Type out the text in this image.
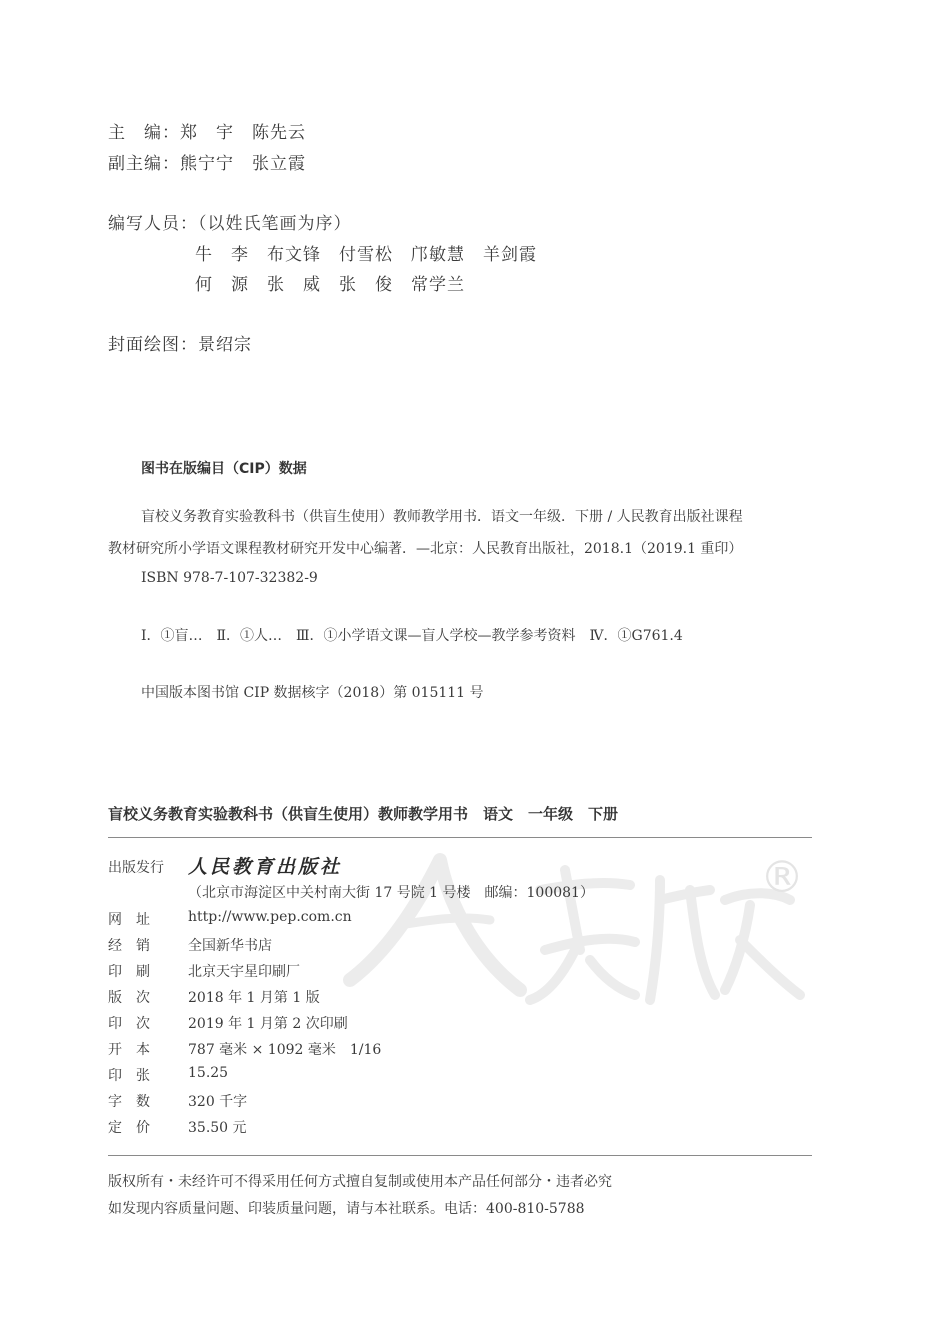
主　编：郑　宇　陈先云
副主编：熊宁宁　张立霞
编写人员：（以姓氏笔画为序）
牛　李　布文锋　付雪松　邝敏慧　羊剑霞
何　源　张　威　张　俊　常学兰
封面绘图：景绍宗
图书在版编目（CIP）数据
盲校义务教育实验教科书（供盲生使用）教师教学用书．语文一年级．下册 / 人民教育出版社课程
教材研究所小学语文课程教材研究开发中心编著．—北京：人民教育出版社，2018.1（2019.1 重印）
ISBN 978-7-107-32382-9
Ⅰ．①盲…　Ⅱ．①人…　Ⅲ．①小学语文课—盲人学校—教学参考资料　Ⅳ．①G761.4
中国版本图书馆 CIP 数据核字（2018）第 015111 号
盲校义务教育实验教科书（供盲生使用）教师教学用书　语文　一年级　下册
®
出版发行 人民教育出版社
（北京市海淀区中关村南大街 17 号院 1 号楼　邮编：100081）
网　址	http://www.pep.com.cn
经　销	全国新华书店
印　刷	北京天宇星印刷厂
版　次	2018 年 1 月第 1 版
印　次	2019 年 1 月第 2 次印刷
开　本	787 毫米 × 1092 毫米　1/16
印　张	15.25
字　数	320 千字
定　价	35.50 元
版权所有・未经许可不得采用任何方式擅自复制或使用本产品任何部分・违者必究
如发现内容质量问题、印装质量问题，请与本社联系。电话：400-810-5788
